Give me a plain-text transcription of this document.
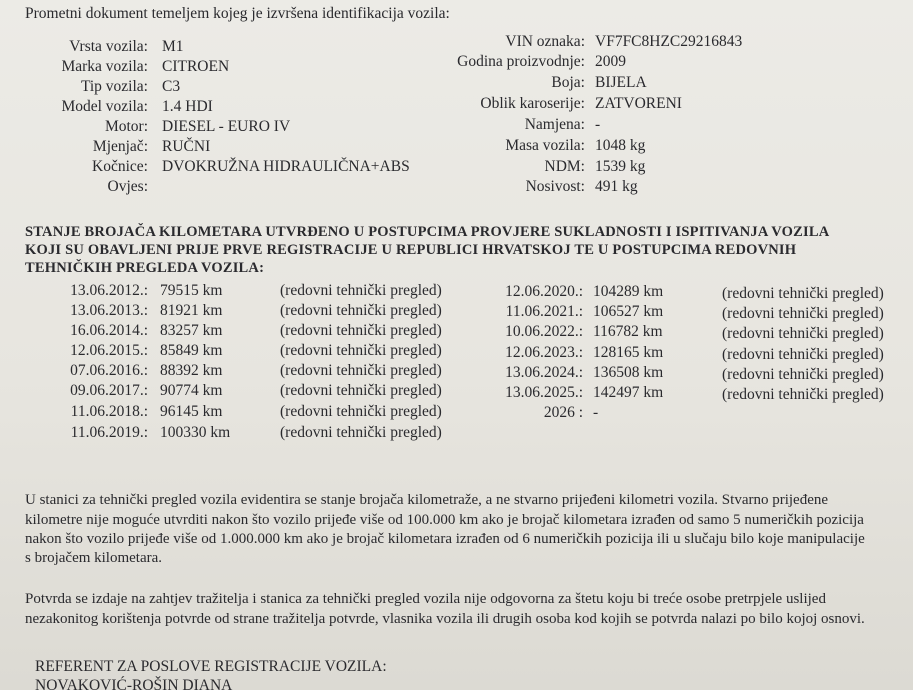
Prometni dokument temeljem kojeg je izvršena identifikacija vozila:
Vrsta vozila: M1
Marka vozila: CITROEN
Tip vozila: C3
Model vozila: 1.4 HDI
Motor: DIESEL - EURO IV
Mjenjač: RUČNI
Kočnice: DVOKRUŽNA HIDRAULIČNA+ABS
Ovjes:
VIN oznaka: VF7FC8HZC29216843
Godina proizvodnje: 2009
Boja: BIJELA
Oblik karoserije: ZATVORENI
Namjena: -
Masa vozila: 1048 kg
NDM: 1539 kg
Nosivost: 491 kg
STANJE BROJAČA KILOMETARA UTVRĐENO U POSTUPCIMA PROVJERE SUKLADNOSTI I ISPITIVANJA VOZILA
KOJI SU OBAVLJENI PRIJE PRVE REGISTRACIJE U REPUBLICI HRVATSKOJ TE U POSTUPCIMA REDOVNIH
TEHNIČKIH PREGLEDA VOZILA:
13.06.2012.: 79515 km	(redovni tehnički pregled)
13.06.2013.: 81921 km	(redovni tehnički pregled)
16.06.2014.: 83257 km	(redovni tehnički pregled)
12.06.2015.: 85849 km	(redovni tehnički pregled)
07.06.2016.: 88392 km	(redovni tehnički pregled)
09.06.2017.: 90774 km	(redovni tehnički pregled)
11.06.2018.: 96145 km	(redovni tehnički pregled)
11.06.2019.: 100330 km	(redovni tehnički pregled)
12.06.2020.: 104289 km	(redovni tehnički pregled)
11.06.2021.: 106527 km	(redovni tehnički pregled)
10.06.2022.: 116782 km	(redovni tehnički pregled)
12.06.2023.: 128165 km	(redovni tehnički pregled)
13.06.2024.: 136508 km	(redovni tehnički pregled)
13.06.2025.: 142497 km	(redovni tehnički pregled)
2026 : -
U stanici za tehnički pregled vozila evidentira se stanje brojača kilometraže, a ne stvarno prijeđeni kilometri vozila. Stvarno prijeđene
kilometre nije moguće utvrditi nakon što vozilo prijeđe više od 100.000 km ako je brojač kilometara izrađen od samo 5 numeričkih pozicija
nakon što vozilo prijeđe više od 1.000.000 km ako je brojač kilometara izrađen od 6 numeričkih pozicija ili u slučaju bilo koje manipulacije
s brojačem kilometara.
Potvrda se izdaje na zahtjev tražitelja i stanica za tehnički pregled vozila nije odgovorna za štetu koju bi treće osobe pretrpjele uslijed
nezakonitog korištenja potvrde od strane tražitelja potvrde, vlasnika vozila ili drugih osoba kod kojih se potvrda nalazi po bilo kojoj osnovi.
REFERENT ZA POSLOVE REGISTRACIJE VOZILA:
NOVAKOVIĆ-ROŠIN DIANA
